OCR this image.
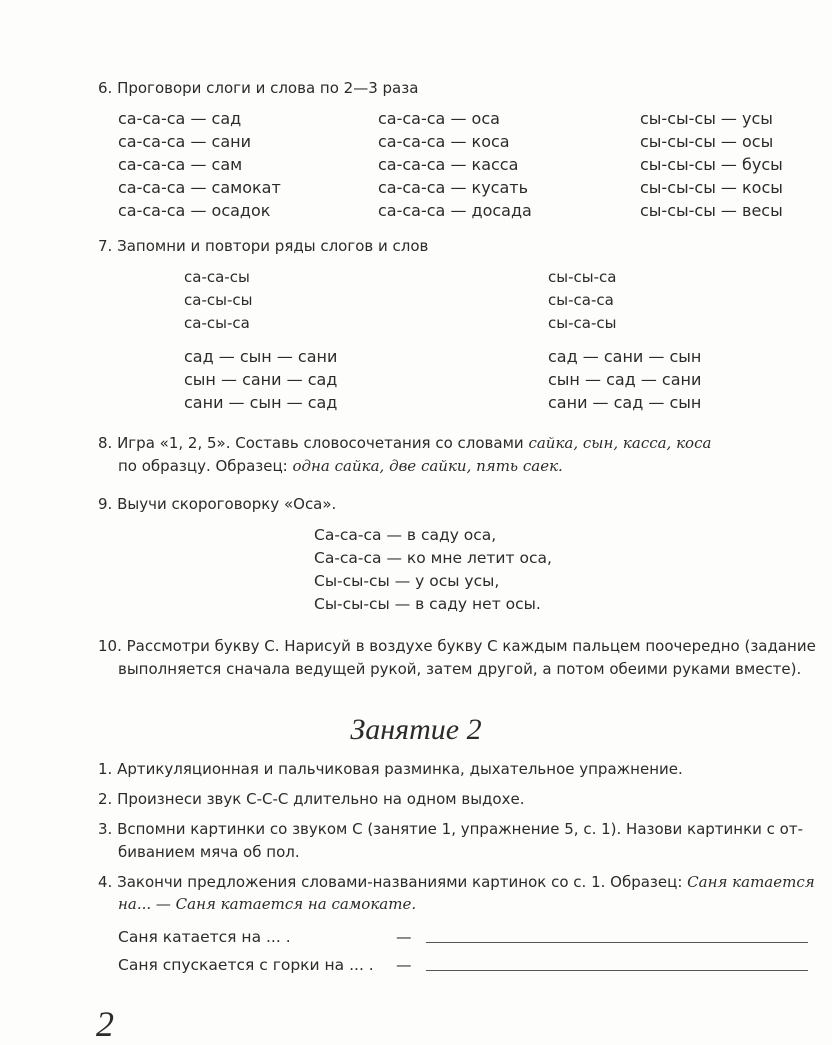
6. Проговори слоги и слова по 2—3 раза
са-са-са — сад
са-са-са — сани
са-са-са — сам
са-са-са — самокат
са-са-са — осадок
са-са-са — оса
са-са-са — коса
са-са-са — касса
са-са-са — кусать
са-са-са — досада
сы-сы-сы — усы
сы-сы-сы — осы
сы-сы-сы — бусы
сы-сы-сы — косы
сы-сы-сы — весы
7. Запомни и повтори ряды слогов и слов
са-са-сы
са-сы-сы
са-сы-са
сы-сы-са
сы-са-са
сы-са-сы
сад — сын — сани
сын — сани — сад
сани — сын — сад
сад — сани — сын
сын — сад — сани
сани — сад — сын
8. Игра «1, 2, 5». Составь словосочетания со словами сайка, сын, касса, коса
по образцу. Образец: одна сайка, две сайки, пять саек.
9. Выучи скороговорку «Оса».
Са-са-са — в саду оса,
Са-са-са — ко мне летит оса,
Сы-сы-сы — у осы усы,
Сы-сы-сы — в саду нет осы.
10. Рассмотри букву С. Нарисуй в воздухе букву С каждым пальцем поочередно (задание
выполняется сначала ведущей рукой, затем другой, а потом обеими руками вместе).
Занятие 2
1. Артикуляционная и пальчиковая разминка, дыхательное упражнение.
2. Произнеси звук С-С-С длительно на одном выдохе.
3. Вспомни картинки со звуком С (занятие 1, упражнение 5, с. 1). Назови картинки с от-
бивaнием мяча об пол.
4. Закончи предложения словами-названиями картинок со с. 1. Образец: Саня катается
на... — Саня катается на самокате.
Саня катается на ... .	—
Саня спускается с горки на ... . —
2
